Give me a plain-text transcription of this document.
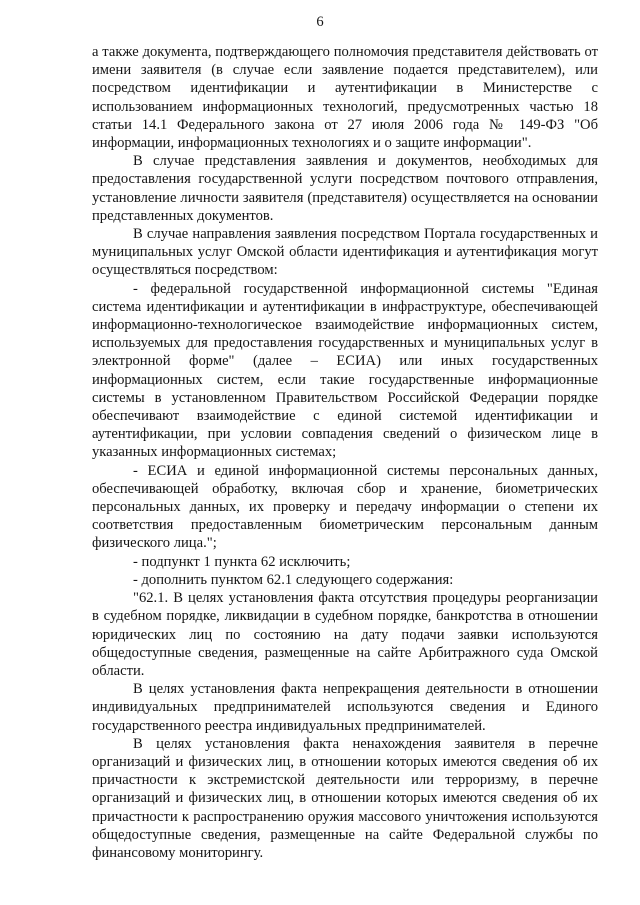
6

а также документа, подтверждающего полномочия представителя действовать от имени заявителя (в случае если заявление подается представителем), или посредством идентификации и аутентификации в Министерстве с использованием информационных технологий, предусмотренных частью 18 статьи 14.1 Федерального закона от 27 июля 2006 года № 149-ФЗ "Об информации, информационных технологиях и о защите информации".

В случае представления заявления и документов, необходимых для предоставления государственной услуги посредством почтового отправления, установление личности заявителя (представителя) осуществляется на основании представленных документов.

В случае направления заявления посредством Портала государственных и муниципальных услуг Омской области идентификация и аутентификация могут осуществляться посредством:

- федеральной государственной информационной системы "Единая система идентификации и аутентификации в инфраструктуре, обеспечивающей информационно-технологическое взаимодействие информационных систем, используемых для предоставления государственных и муниципальных услуг в электронной форме" (далее – ЕСИА) или иных государственных информационных систем, если такие государственные информационные системы в установленном Правительством Российской Федерации порядке обеспечивают взаимодействие с единой системой идентификации и аутентификации, при условии совпадения сведений о физическом лице в указанных информационных системах;

- ЕСИА и единой информационной системы персональных данных, обеспечивающей обработку, включая сбор и хранение, биометрических персональных данных, их проверку и передачу информации о степени их соответствия предоставленным биометрическим персональным данным физического лица.";

- подпункт 1 пункта 62 исключить;

- дополнить пунктом 62.1 следующего содержания:

"62.1. В целях установления факта отсутствия процедуры реорганизации в судебном порядке, ликвидации в судебном порядке, банкротства в отношении юридических лиц по состоянию на дату подачи заявки используются общедоступные сведения, размещенные на сайте Арбитражного суда Омской области.

В целях установления факта непрекращения деятельности в отношении индивидуальных предпринимателей используются сведения и Единого государственного реестра индивидуальных предпринимателей.

В целях установления факта ненахождения заявителя в перечне организаций и физических лиц, в отношении которых имеются сведения об их причастности к экстремистской деятельности или терроризму, в перечне организаций и физических лиц, в отношении которых имеются сведения об их причастности к распространению оружия массового уничтожения используются общедоступные сведения, размещенные на сайте Федеральной службы по финансовому мониторингу.
